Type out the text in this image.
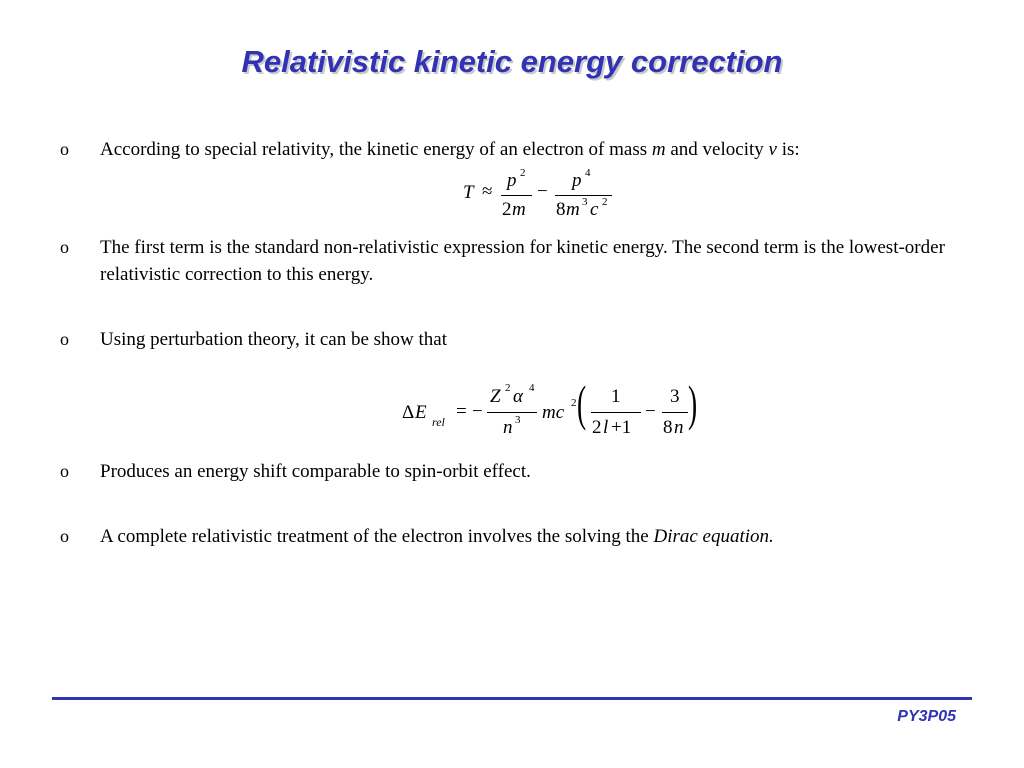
Relativistic kinetic energy correction
o According to special relativity, the kinetic energy of an electron of mass m and velocity v is:
T ≈
p 2
2 m
−
p 4
8 m 3 c 2
o The first term is the standard non-relativistic expression for kinetic energy. The second term is the lowest-order relativistic correction to this energy.
o Using perturbation theory, it can be show that
Δ E rel = −
Z 2 α 4
n 3 mc 2 ( 1
2 l +1
−
3
8 n )
o Produces an energy shift comparable to spin-orbit effect.
o A complete relativistic treatment of the electron involves the solving the Dirac equation.
PY3P05
